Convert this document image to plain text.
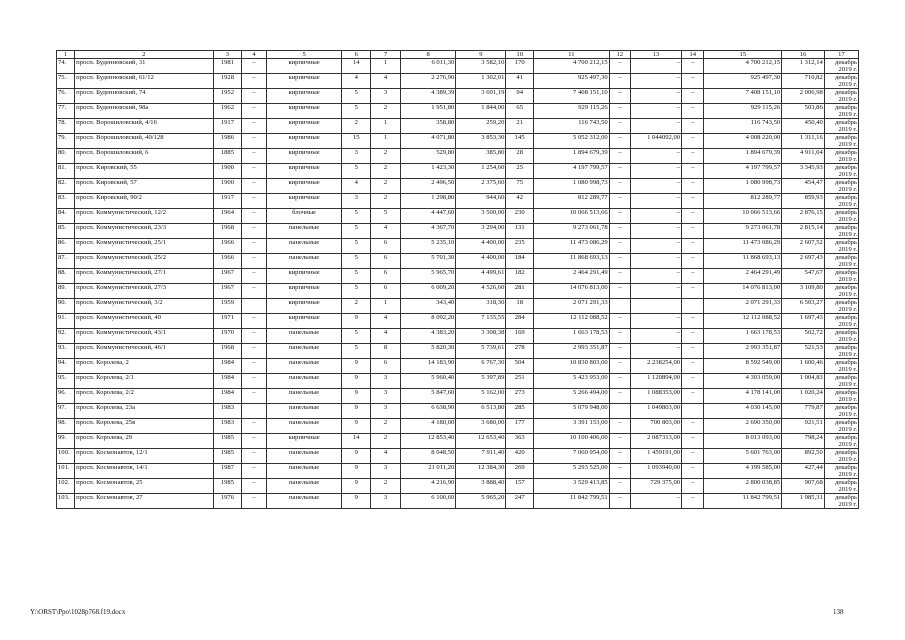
1	2	3	4	5	6	7	8	9	10	11	12	13	14	15	16	17
74.	просп. Буденновский, 31	1981	–	кирпичные	14	1	6 011,30	3 582,10	170	4 700 212,15	–	–	–	4 700 212,15	1 312,14	декабрь 2019 г.
75.	просп. Буденновский, 61/12	1928	–	кирпичные	4	4	2 276,90	1 302,01	41	925 497,30	–	–	–	925 497,30	710,82	декабрь 2019 г.
76.	просп. Буденновский, 74	1952	–	кирпичные	5	3	4 389,39	3 691,19	94	7 408 151,10	–	–	–	7 408 151,10	2 006,98	декабрь 2019 г.
77.	просп. Буденновский, 98а	1962	–	кирпичные	5	2	1 951,80	1 844,00	65	929 115,26	–	–	–	929 115,26	503,86	декабрь 2019 г.
78.	просп. Ворошиловский, 4/16	1917	–	кирпичные	2	1	358,80	259,20	21	116 743,50	–	–	–	116 743,50	450,40	декабрь 2019 г.
79.	просп. Ворошиловский, 40/128	1986	–	кирпичные	15	1	4 071,80	3 853,30	145	5 052 312,00	–	1 044092,00	–	4 008 220,00	1 311,16	декабрь 2019 г.
80.	просп. Ворошиловский, 6	1885	–	кирпичные	3	2	529,80	385,80	28	1 894 679,39	–	–	–	1 894 679,39	4 911,04	декабрь 2019 г.
81.	просп. Кировский, 55	1900	–	кирпичные	5	2	1 423,30	1 254,60	25	4 197 799,57	–	–	–	4 197 799,57	3 345,93	декабрь 2019 г.
82.	просп. Кировский, 57	1900	–	кирпичные	4	2	2 496,50	2 375,60	75	1 080 998,73	–	–	–	1 080 998,73	454,47	декабрь 2019 г.
83.	просп. Кировский, 90/2	1917	–	кирпичные	3	2	1 298,80	944,60	42	812 289,77	–	–	–	812 289,77	859,93	декабрь 2019 г.
84.	просп. Коммунистический, 12/2	1964	–	блочные	5	5	4 447,60	3 500,00	230	10 066 513,66	–	–	–	10 066 513,66	2 876,15	декабрь 2019 г.
85.	просп. Коммунистический, 23/3	1968	–	панельные	5	4	4 367,70	3 294,00	131	9 273 061,78	–	–	–	9 273 061,78	2 815,14	декабрь 2019 г.
86.	просп. Коммунистический, 25/1	1966	–	панельные	5	6	5 235,10	4 400,00	235	11 473 086,29	–	–	–	11 473 086,29	2 607,52	декабрь 2019 г.
87.	просп. Коммунистический, 25/2	1966	–	панельные	5	6	5 701,30	4 400,00	184	11 868 693,13	–	–	–	11 868 693,13	2 697,43	декабрь 2019 г.
88.	просп. Коммунистический, 27/1	1967	–	кирпичные	5	6	5 965,70	4 499,61	182	2 464 291,49	–	–	–	2 464 291,49	547,67	декабрь 2019 г.
89.	просп. Коммунистический, 27/3	1967	–	кирпичные	5	6	6 009,20	4 526,60	281	14 076 813,00	–	–	–	14 076 813,00	3 109,80	декабрь 2019 г.
90.	просп. Коммунистический, 3/2	1959		кирпичные	2	1	343,40	318,30	18	2 071 291,33				2 071 291,33	6 503,27	декабрь 2019 г.
91.	просп. Коммунистический, 40	1971	–	кирпичные	9	4	8 092,20	7 135,55	284	12 112 088,52	–	–	–	12 112 088,52	1 697,43	декабрь 2019 г.
92.	просп. Коммунистический, 43/1	1970	–	панельные	5	4	4 383,20	3 308,38	169	1 663 178,53	–	–	–	1 663 178,53	502,72	декабрь 2019 г.
93.	просп. Коммунистический, 46/1	1968	–	панельные	5	8	5 820,30	5 739,61	278	2 993 351,87	–	–	–	2 993 351,87	521,53	декабрь 2019 г.
94.	просп. Королева, 2	1984	–	панельные	9	6	14 183,90	6 767,30	504	10 830 803,00	–	2 238254,00	–	8 592 549,00	1 600,46	декабрь 2019 г.
95.	просп. Королева, 2/1	1984	–	панельные	9	3	5 960,40	5 397,89	251	5 423 953,00	–	1 120894,00	–	4 303 059,00	1 004,83	декабрь 2019 г.
96.	просп. Королева, 2/2	1984	–	панельные	9	3	5 847,60	5 162,00	273	5 266 494,00	–	1 088353,00	–	4 178 141,00	1 020,24	декабрь 2019 г.
97.	просп. Королева, 23а	1983		панельные	9	3	6 638,90	6 513,80	285	5 079 948,00		1 049803,00		4 030 145,00	779,87	декабрь 2019 г.
98.	просп. Королева, 25в	1983	–	панельные	9	2	4 180,00	3 680,00	177	3 391 153,00	–	700 803,00	–	2 690 350,00	921,51	декабрь 2019 г.
99.	просп. Королева, 29	1985	–	кирпичные	14	2	12 853,40	12 653,40	363	10 100 406,00	–	2 087313,00	–	8 013 093,00	798,24	декабрь 2019 г.
100.	просп. Космонавтов, 12/1	1985	–	панельные	9	4	8 048,50	7 911,40	420	7 060 954,00	–	1 459191,00	–	5 601 763,00	892,50	декабрь 2019 г.
101.	просп. Космонавтов, 14/1	1987	–	панельные	9	3	21 011,20	12 384,30	269	5 293 525,00	–	1 093940,00	–	4 199 585,00	427,44	декабрь 2019 г.
102.	просп. Космонавтов, 25	1985	–	панельные	9	2	4 216,90	3 888,40	157	3 529 413,85	–	729 375,00	–	2 800 038,85	907,68	декабрь 2019 г.
103.	просп. Космонавтов, 27	1976	–	панельные	9	3	6 100,60	5 965,20	247	11 842 799,51	–	–	–	11 842 799,51	1 985,31	декабрь 2019 г.
Y:\ORST\Ppo\1028p768.f19.docx	138
